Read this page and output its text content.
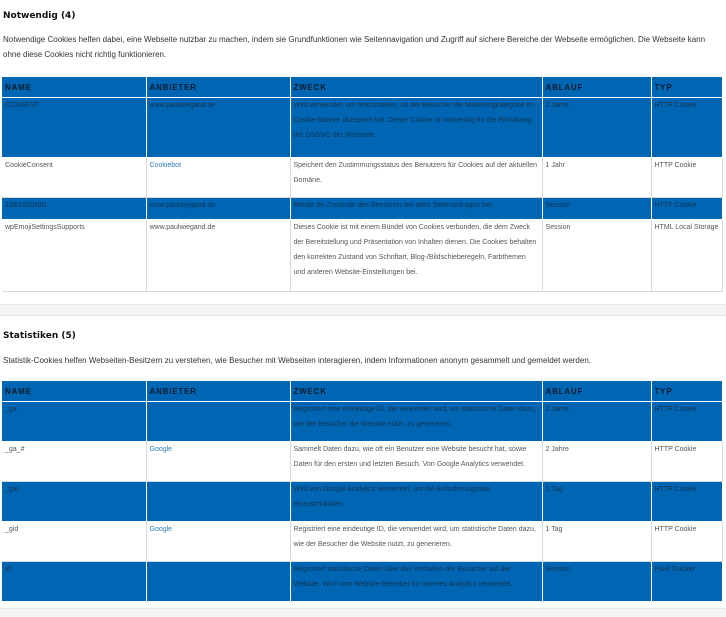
Notwendig (4)
Notwendige Cookies helfen dabei, eine Webseite nutzbar zu machen, indem sie Grundfunktionen wie Seitennavigation und Zugriff auf sichere Bereiche der Webseite ermöglichen. Die Webseite kann ohne diese Cookies nicht richtig funktionieren.
NAME	ANBIETER	ZWECK	ABLAUF	TYP
CONSENT	www.paulwiegand.de	Wird verwendet, um festzustellen, ob der Besucher die Marketingkategorie im Cookie-Banner akzeptiert hat. Dieser Cookie ist notwendig für die Einhaltung der DSGVO der Webseite.	2 Jahre	HTTP Cookie
CookieConsent	Cookiebot	Speichert den Zustimmungsstatus des Benutzers für Cookies auf der aktuellen Domäne.	1 Jahr	HTTP Cookie
JSESSIONID	www.paulwiegand.de	Behält die Zustände des Benutzers bei allen Seitenanfragen bei.	Session	HTTP Cookie
wpEmojiSettingsSupports	www.paulwiegand.de	Dieses Cookie ist mit einem Bündel von Cookies verbunden, die dem Zweck der Bereitstellung und Präsentation von Inhalten dienen. Die Cookies behalten den korrekten Zustand von Schriftart, Blog-/Bildschieberegeln, Farbthemen und anderen Website-Einstellungen bei.	Session	HTML Local Storage
Statistiken (5)
Statistik-Cookies helfen Webseiten-Besitzern zu verstehen, wie Besucher mit Webseiten interagieren, indem Informationen anonym gesammelt und gemeldet werden.
NAME	ANBIETER	ZWECK	ABLAUF	TYP
_ga		Registriert eine eindeutige ID, die verwendet wird, um statistische Daten dazu, wie der Besucher die Website nutzt, zu generieren.	2 Jahre	HTTP Cookie
_ga_#	Google	Sammelt Daten dazu, wie oft ein Benutzer eine Website besucht hat, sowie Daten für den ersten und letzten Besuch. Von Google Analytics verwendet.	2 Jahre	HTTP Cookie
_gat		Wird von Google Analytics verwendet, um die Anforderungsrate einzuschränken	1 Tag	HTTP Cookie
_gid	Google	Registriert eine eindeutige ID, die verwendet wird, um statistische Daten dazu, wie der Besucher die Website nutzt, zu generieren.	1 Tag	HTTP Cookie
td		Registriert statistische Daten über das Verhalten der Besucher auf der Website. Wird vom Website-Betreiber für internes Analytics verwendet.	Session	Pixel Tracker
